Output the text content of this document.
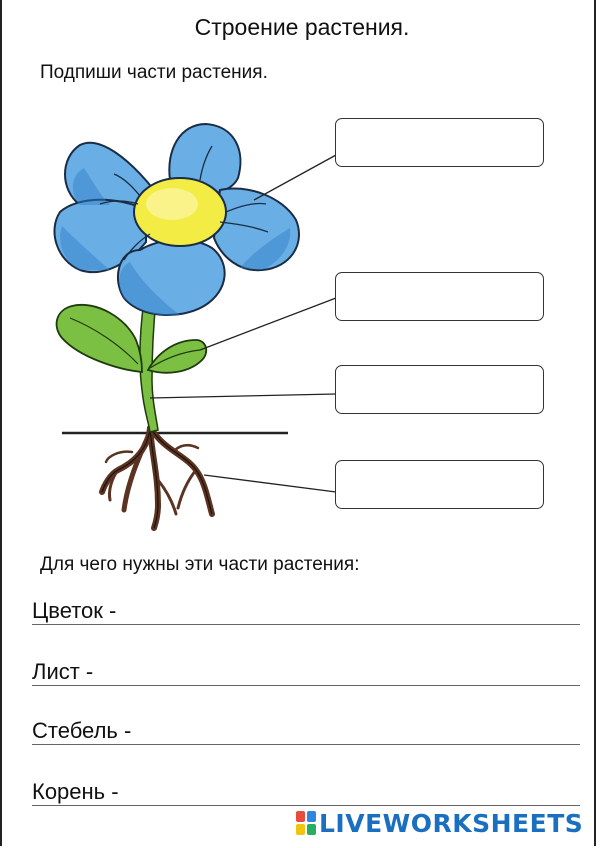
Строение растения.
Подпиши части растения.
Для чего нужны эти части растения:
Цветок -
Лист -
Стебель -
Корень -
LIVEWORKSHEETS
